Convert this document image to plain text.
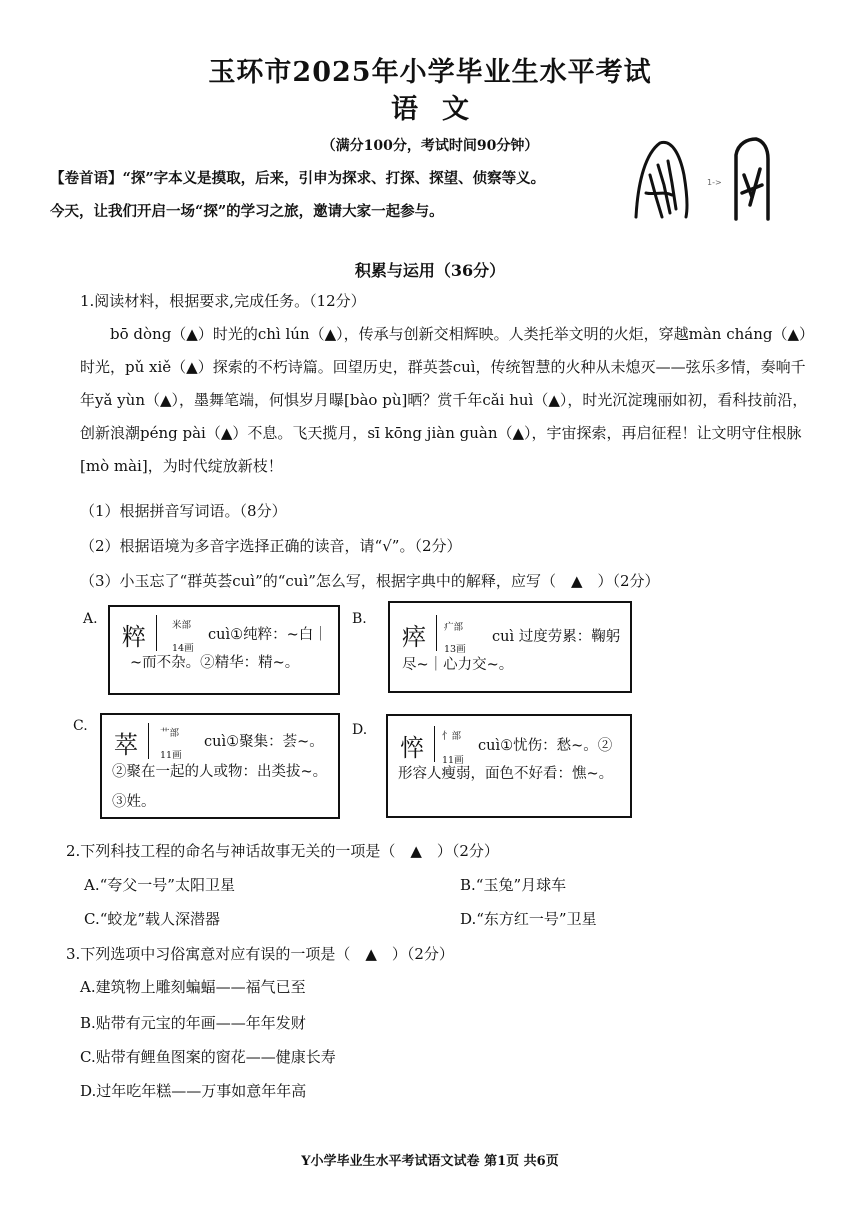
玉环市2025年小学毕业生水平考试
语文
（满分100分，考试时间90分钟）
【卷首语】“探”字本义是摸取，后来，引申为探求、打探、探望、侦察等义。
今天，让我们开启一场“探”的学习之旅，邀请大家一起参与。
1->
积累与运用（36分）
1.阅读材料，根据要求,完成任务。（12分）
bō dòng（▲）时光的chì lún（▲），传承与创新交相辉映。人类托举文明的火炬，穿越màn cháng（▲）时光，pǔ xiě（▲）探索的不朽诗篇。回望历史，群英荟cuì，传统智慧的火种从未熄灭——弦乐多情，奏响千年yǎ yùn（▲），墨舞笔端，何惧岁月曝[bào pù]晒？赏千年cǎi huì（▲），时光沉淀瑰丽如初，看科技前沿，创新浪潮péng pài（▲）不息。飞天揽月，sī kōng jiàn guàn（▲），宇宙探索，再启征程！让文明守住根脉[mò mài]，为时代绽放新枝！
（1）根据拼音写词语。（8分）
（2）根据语境为多音字选择正确的读音，请“√”。（2分）
（3）小玉忘了“群英荟cuì”的“cuì”怎么写，根据字典中的解释，应写（　▲　）（2分）
A.
粹	米部
14画
cuì①纯粹：~白｜~而不杂。②精华：精~。
B.
瘁 疒部
13画
cuì 过度劳累：鞠躬尽~｜心力交~。
C.
萃 艹部
11画
cuì①聚集：荟~。②聚在一起的人或物：出类拔~。③姓。
D.
悴 忄部
11画
cuì①忧伤：愁~。②形容人瘦弱，面色不好看：憔~。
2.下列科技工程的命名与神话故事无关的一项是（　▲　）（2分）
A.“夸父一号”太阳卫星	B.“玉兔”月球车
C.“蛟龙”载人深潜器	D.“东方红一号”卫星
3.下列选项中习俗寓意对应有误的一项是（　▲　）（2分）
A.建筑物上雕刻蝙蝠——福气已至
B.贴带有元宝的年画——年年发财
C.贴带有鲤鱼图案的窗花——健康长寿
D.过年吃年糕——万事如意年年高
Y小学毕业生水平考试语文试卷 第1页 共6页
